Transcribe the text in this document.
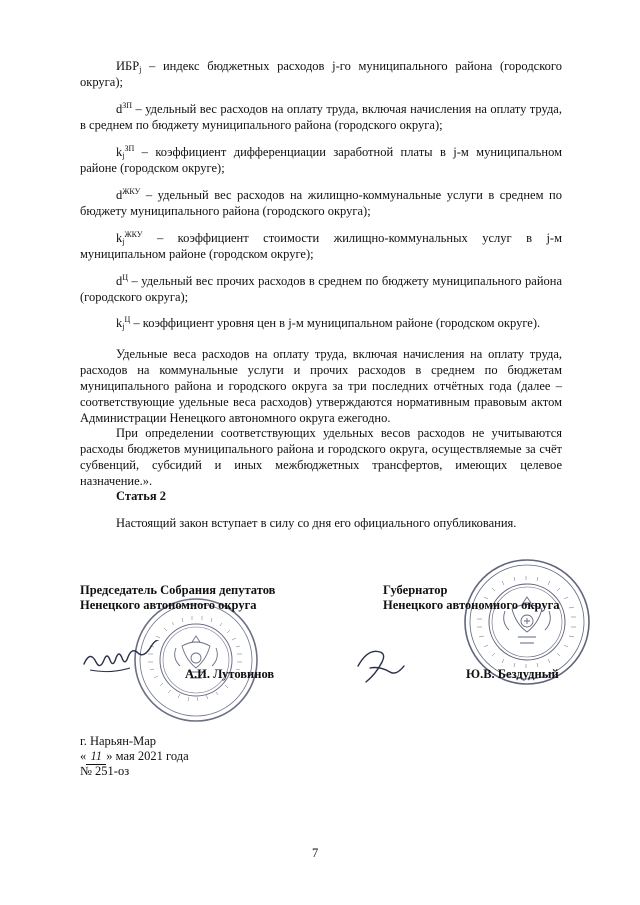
$ИБР_j$ – индекс бюджетных расходов j-го муниципального района (городского округа);

$d^{ЗП}$ – удельный вес расходов на оплату труда, включая начисления на оплату труда, в среднем по бюджету муниципального района (городского округа);

$k_j^{ЗП}$ – коэффициент дифференциации заработной платы в j-м муниципальном районе (городском округе);

$d^{ЖКУ}$ – удельный вес расходов на жилищно-коммунальные услуги в среднем по бюджету муниципального района (городского округа);

$k_j^{ЖКУ}$ – коэффициент стоимости жилищно-коммунальных услуг в j-м муниципальном районе (городском округе);

$d^Ц$ – удельный вес прочих расходов в среднем по бюджету муниципального района (городского округа);

$k_j^Ц$ – коэффициент уровня цен в j-м муниципальном районе (городском округе).

Удельные веса расходов на оплату труда, включая начисления на оплату труда, расходов на коммунальные услуги и прочих расходов в среднем по бюджетам муниципального района и городского округа за три последних отчётных года (далее – соответствующие удельные веса расходов) утверждаются нормативным правовым актом Администрации Ненецкого автономного округа ежегодно.

При определении соответствующих удельных весов расходов не учитываются расходы бюджетов муниципального района и городского округа, осуществляемые за счёт субвенций, субсидий и иных межбюджетных трансфертов, имеющих целевое назначение.».

Статья 2

Настоящий закон вступает в силу со дня его официального опубликования.

Председатель Собрания депутатов

Ненецкого автономного округа

Губернатор

Ненецкого автономного округа

А.И. Лутовинов	Ю.В. Бездудный

г. Нарьян-Мар

« 11 » мая 2021 года

№ 251-оз

7
